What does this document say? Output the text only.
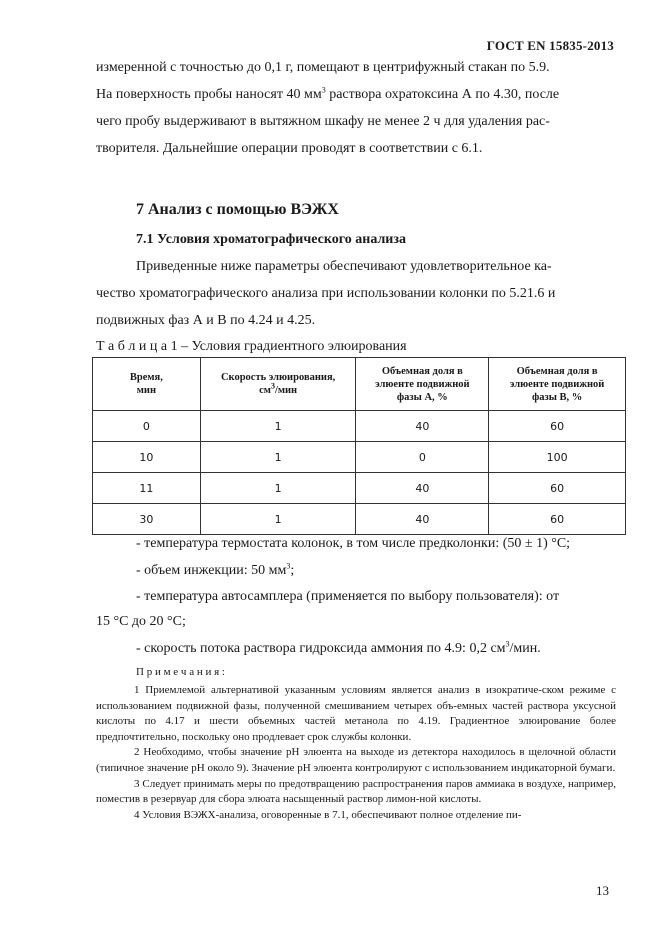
ГОСТ EN 15835-2013
измеренной с точностью до 0,1 г, помещают в центрифужный стакан по 5.9.
На поверхность пробы наносят 40 $мм^3$ раствора охратоксина А по 4.30, после
чего пробу выдерживают в вытяжном шкафу не менее 2 ч для удаления рас-
творителя. Дальнейшие операции проводят в соответствии с 6.1.
7 Анализ с помощью ВЭЖХ
7.1 Условия хроматографического анализа
Приведенные ниже параметры обеспечивают удовлетворительное ка-
чество хроматографического анализа при использовании колонки по 5.21.6 и
подвижных фаз А и В по 4.24 и 4.25.
Т а б л и ц а 1 – Условия градиентного элюирования
Время,
мин	Скорость элюирования,
$см^3$/мин	Объемная доля в
элюенте подвижной
фазы А, %	Объемная доля в
элюенте подвижной
фазы В, %
0	1	40	60
10	1	0	100
11	1	40	60
30	1	40	60
- температура термостата колонок, в том числе предколонки: (50 ± 1) °С;
- объем инжекции: 50 $мм^3$;
- температура автосамплера (применяется по выбору пользователя): от
15 °С до 20 °С;
- скорость потока раствора гидроксида аммония по 4.9: 0,2 $см^3$/мин.
П р и м е ч а н и я :

1 Приемлемой альтернативой указанным условиям является анализ в изократиче-ском режиме с использованием подвижной фазы, полученной смешиванием четырех объ-емных частей раствора уксусной кислоты по 4.17 и шести объемных частей метанола по 4.19. Градиентное элюирование более предпочтительно, поскольку оно продлевает срок службы колонки.

2 Необходимо, чтобы значение pH элюента на выходе из детектора находилось в щелочной области (типичное значение pH около 9). Значение pH элюента контролируют с использованием индикаторной бумаги.

3 Следует принимать меры по предотвращению распространения паров аммиака в воздухе, например, поместив в резервуар для сбора элюата насыщенный раствор лимон-ной кислоты.

4 Условия ВЭЖХ-анализа, оговоренные в 7.1, обеспечивают полное отделение пи-

13
